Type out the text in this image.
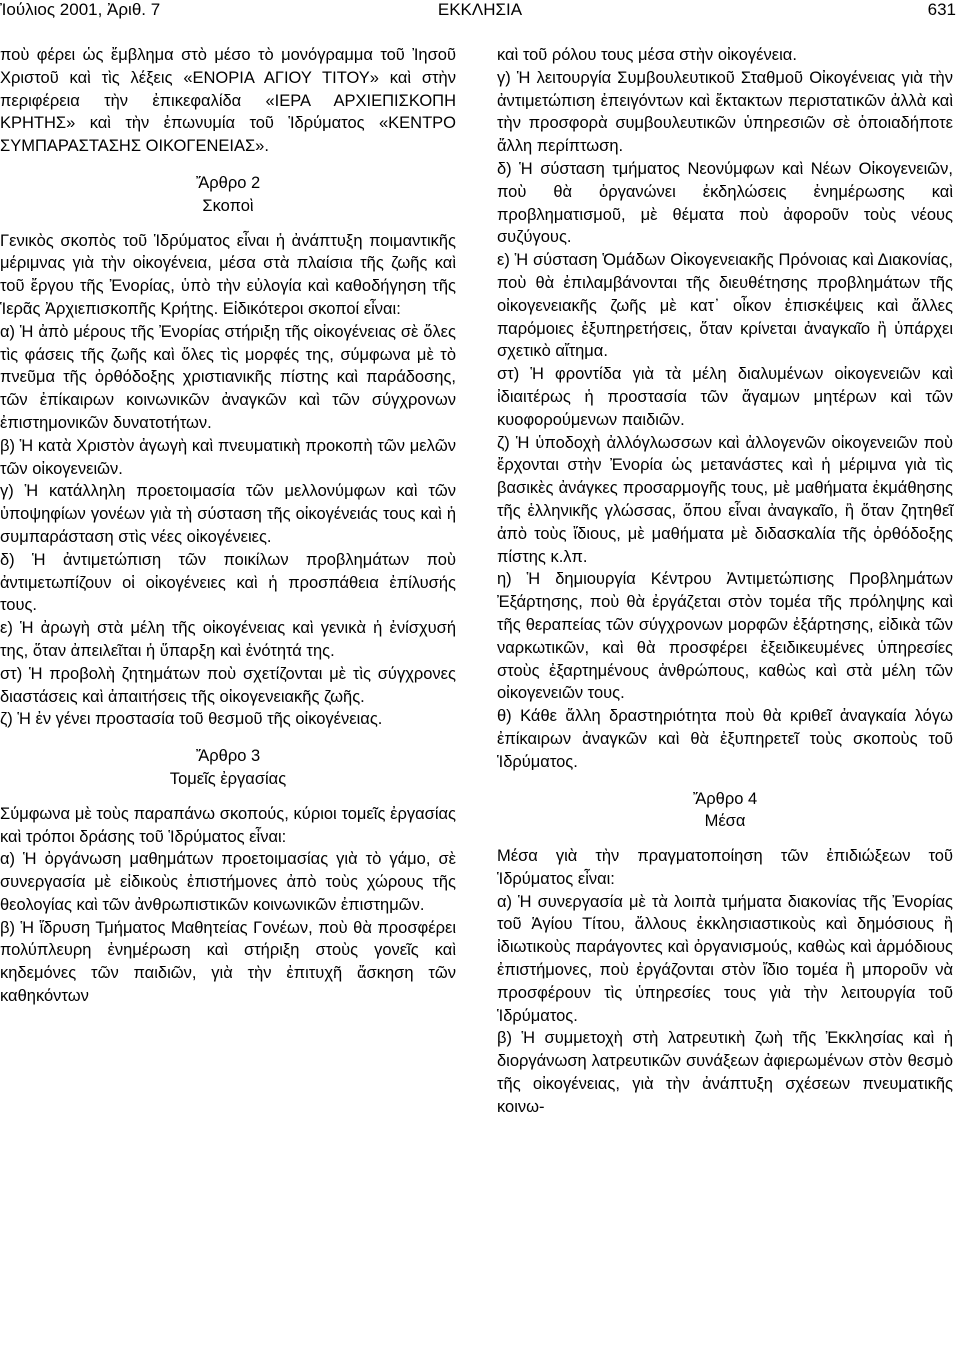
Ἰούλιος 2001, Ἀριθ. 7	ΕΚΚΛΗΣΙΑ	631

ποὺ φέρει ὡς ἔμβλημα στὸ μέσο τὸ μονόγραμμα τοῦ Ἰησοῦ Χριστοῦ καὶ τὶς λέξεις «ΕΝΟΡΙΑ ΑΓΙΟΥ ΤΙΤΟΥ» καὶ στὴν περιφέρεια τὴν ἐπικεφαλίδα «ΙΕΡΑ ΑΡΧΙΕΠΙΣΚΟΠΗ ΚΡΗΤΗΣ» καὶ τὴν ἐπωνυμία τοῦ Ἱδρύματος «ΚΕΝΤΡΟ ΣΥΜΠΑΡΑΣΤΑΣΗΣ ΟΙΚΟΓΕΝΕΙΑΣ».

Ἄρθρο 2
Σκοποὶ

Γενικὸς σκοπὸς τοῦ Ἱδρύματος εἶναι ἡ ἀνάπτυξη ποιμαντικῆς μέριμνας γιὰ τὴν οἰκογένεια, μέσα στὰ πλαίσια τῆς ζωῆς καὶ τοῦ ἔργου τῆς Ἐνορίας, ὑπὸ τὴν εὐλογία καὶ καθοδήγηση τῆς Ἱερᾶς Ἀρχιεπισκοπῆς Κρήτης. Εἰδικότεροι σκοποί εἶναι:

α) Ἡ ἀπὸ μέρους τῆς Ἐνορίας στήριξη τῆς οἰκογένειας σὲ ὅλες τὶς φάσεις τῆς ζωῆς καὶ ὅλες τὶς μορφές της, σύμφωνα μὲ τὸ πνεῦμα τῆς ὀρθόδοξης χριστιανικῆς πίστης καὶ παράδοσης, τῶν ἐπίκαιρων κοινωνικῶν ἀναγκῶν καὶ τῶν σύγχρονων ἐπιστημονικῶν δυνατοτήτων.

β) Ἡ κατὰ Χριστὸν ἀγωγὴ καὶ πνευματικὴ προκοπὴ τῶν μελῶν τῶν οἰκογενειῶν.

γ) Ἡ κατάλληλη προετοιμασία τῶν μελλονύμφων καὶ τῶν ὑποψηφίων γονέων γιὰ τὴ σύσταση τῆς οἰκογένειάς τους καὶ ἡ συμπαράσταση στὶς νέες οἰκογένειες.

δ) Ἡ ἀντιμετώπιση τῶν ποικίλων προβλημάτων ποὺ ἀντιμετωπίζουν οἱ οἰκογένειες καὶ ἡ προσπάθεια ἐπίλυσής τους.

ε) Ἡ ἀρωγὴ στὰ μέλη τῆς οἰκογένειας καὶ γενικὰ ἡ ἐνίσχυσή της, ὅταν ἀπειλεῖται ἡ ὕπαρξη καὶ ἑνότητά της.

στ) Ἡ προβολὴ ζητημάτων ποὺ σχετίζονται μὲ τὶς σύγχρονες διαστάσεις καὶ ἀπαιτήσεις τῆς οἰκογενειακῆς ζωῆς.

ζ) Ἡ ἐν γένει προστασία τοῦ θεσμοῦ τῆς οἰκογένειας.

Ἄρθρο 3
Τομεῖς ἐργασίας

Σύμφωνα μὲ τοὺς παραπάνω σκοπούς, κύριοι τομεῖς ἐργασίας καὶ τρόποι δράσης τοῦ Ἱδρύματος εἶναι:

α) Ἡ ὀργάνωση μαθημάτων προετοιμασίας γιὰ τὸ γάμο, σὲ συνεργασία μὲ εἰδικοὺς ἐπιστήμονες ἀπὸ τοὺς χώρους τῆς θεολογίας καὶ τῶν ἀνθρωπιστικῶν κοινωνικῶν ἐπιστημῶν.

β) Ἡ ἵδρυση Τμήματος Μαθητείας Γονέων, ποὺ θὰ προσφέρει πολύπλευρη ἐνημέρωση καὶ στήριξη στοὺς γονεῖς καὶ κηδεμόνες τῶν παιδιῶν, γιὰ τὴν ἐπιτυχῆ ἄσκηση τῶν καθηκόντων

καὶ τοῦ ρόλου τους μέσα στὴν οἰκογένεια.

γ) Ἡ λειτουργία Συμβουλευτικοῦ Σταθμοῦ Οἰκογένειας γιὰ τὴν ἀντιμετώπιση ἐπειγόντων καὶ ἔκτακτων περιστατικῶν ἀλλὰ καὶ τὴν προσφορὰ συμβουλευτικῶν ὑπηρεσιῶν σὲ ὁποιαδήποτε ἄλλη περίπτωση.

δ) Ἡ σύσταση τμήματος Νεονύμφων καὶ Νέων Οἰκογενειῶν, ποὺ θὰ ὀργανώνει ἐκδηλώσεις ἐνημέρωσης καὶ προβληματισμοῦ, μὲ θέματα ποὺ ἀφοροῦν τοὺς νέους συζύγους.

ε) Ἡ σύσταση Ὁμάδων Οἰκογενειακῆς Πρόνοιας καὶ Διακονίας, ποὺ θὰ ἐπιλαμβάνονται τῆς διευθέτησης προβλημάτων τῆς οἰκογενειακῆς ζωῆς μὲ κατ᾽ οἶκον ἐπισκέψεις καὶ ἄλλες παρόμοιες ἐξυπηρετήσεις, ὅταν κρίνεται ἀναγκαῖο ἢ ὑπάρχει σχετικὸ αἴτημα.

στ) Ἡ φροντίδα γιὰ τὰ μέλη διαλυμένων οἰκογενειῶν καὶ ἰδιαιτέρως ἡ προστασία τῶν ἄγαμων μητέρων καὶ τῶν κυοφορούμενων παιδιῶν.

ζ) Ἡ ὑποδοχὴ ἀλλόγλωσσων καὶ ἀλλογενῶν οἰκογενειῶν ποὺ ἔρχονται στὴν Ἐνορία ὡς μετανάστες καὶ ἡ μέριμνα γιὰ τὶς βασικὲς ἀνάγκες προσαρμογῆς τους, μὲ μαθήματα ἐκμάθησης τῆς ἑλληνικῆς γλώσσας, ὅπου εἶναι ἀναγκαῖο, ἢ ὅταν ζητηθεῖ ἀπὸ τοὺς ἴδιους, μὲ μαθήματα μὲ διδασκαλία τῆς ὀρθόδοξης πίστης κ.λπ.

η) Ἡ δημιουργία Κέντρου Ἀντιμετώπισης Προβλημάτων Ἐξάρτησης, ποὺ θὰ ἐργάζεται στὸν τομέα τῆς πρόληψης καὶ τῆς θεραπείας τῶν σύγχρονων μορφῶν ἐξάρτησης, εἰδικὰ τῶν ναρκωτικῶν, καὶ θὰ προσφέρει ἐξειδικευμένες ὑπηρεσίες στοὺς ἐξαρτημένους ἀνθρώπους, καθὼς καὶ στὰ μέλη τῶν οἰκογενειῶν τους.

θ) Κάθε ἄλλη δραστηριότητα ποὺ θὰ κριθεῖ ἀναγκαία λόγω ἐπίκαιρων ἀναγκῶν καὶ θὰ ἐξυπηρετεῖ τοὺς σκοποὺς τοῦ Ἱδρύματος.

Ἄρθρο 4
Μέσα

Μέσα γιὰ τὴν πραγματοποίηση τῶν ἐπιδιώξεων τοῦ Ἱδρύματος εἶναι:

α) Ἡ συνεργασία μὲ τὰ λοιπὰ τμήματα διακονίας τῆς Ἐνορίας τοῦ Ἁγίου Τίτου, ἄλλους ἐκκλησιαστικοὺς καὶ δημόσιους ἢ ἰδιωτικοὺς παράγοντες καὶ ὀργανισμούς, καθὼς καὶ ἁρμόδιους ἐπιστήμονες, ποὺ ἐργάζονται στὸν ἴδιο τομέα ἢ μποροῦν νὰ προσφέρουν τὶς ὑπηρεσίες τους γιὰ τὴν λειτουργία τοῦ Ἱδρύματος.

β) Ἡ συμμετοχὴ στὴ λατρευτικὴ ζωὴ τῆς Ἐκκλησίας καὶ ἡ διοργάνωση λατρευτικῶν συνάξεων ἀφιερωμένων στὸν θεσμὸ τῆς οἰκογένειας, γιὰ τὴν ἀνάπτυξη σχέσεων πνευματικῆς κοινω-
